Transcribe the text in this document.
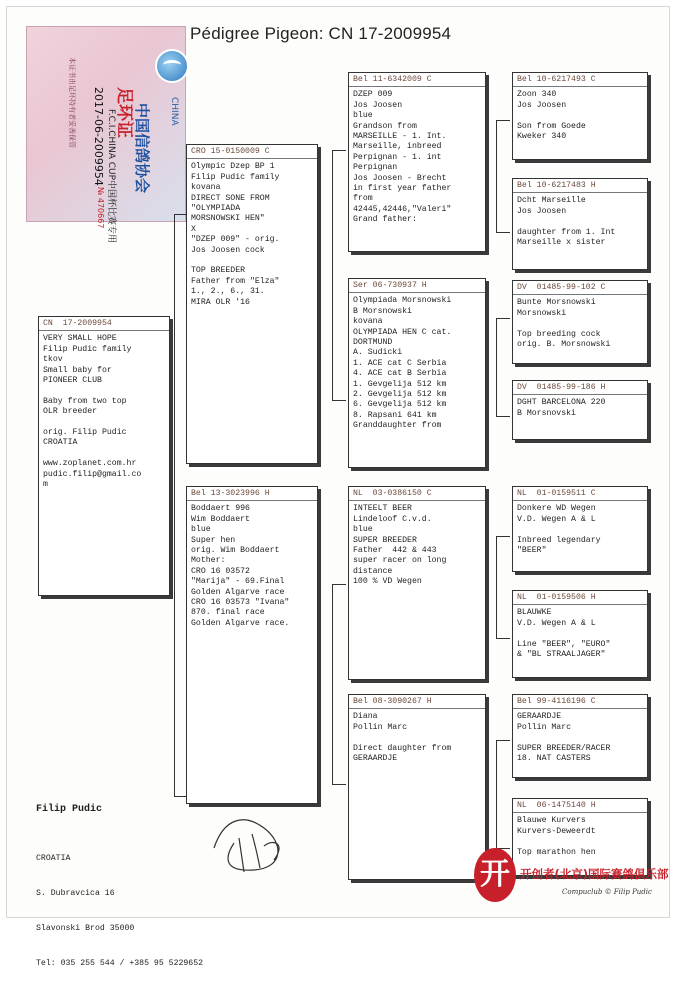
Pédigree Pigeon: CN 17-2009954
CHINA
中国信鸽协会
F.C.I.CHINA CUP中国杯比赛专用
足环证
2017-06-2009954
№ 470667
本证书由足环持有者妥善保管
CN  17-2009954
VERY SMALL HOPE
Filip Pudic family
tkov
Small baby for
PIONEER CLUB
Baby from two top
OLR breeder
orig. Filip Pudic
CROATIA
www.zoplanet.com.hr
pudic.filip@gmail.co
m
CRO 15-0150009 C
Olympic Dzep BP 1
Filip Pudic family
kovana
DIRECT SONE FROM
"OLYMPIADA
MORSNOWSKI HEN"
X
"DZEP 009" - orig.
Jos Joosen cock
TOP BREEDER
Father from "Elza"
1., 2., 6., 31.
MIRA OLR '16
Bel 13-3023996 H
Boddaert 996
Wim Boddaert
blue
Super hen
orig. Wim Boddaert
Mother:
CRO 16 03572
"Marija" - 69.Final
Golden Algarve race
CRO 16 03573 "Ivana"
870. final race
Golden Algarve race.
Bel 11-6342009 C
DZEP 009
Jos Joosen
blue
Grandson from
MARSEILLE - 1. Int.
Marseille, inbreed
Perpignan - 1. int
Perpignan
Jos Joosen - Brecht
in first year father
from
42445,42446,"Valeri"
Grand father:
Ser 06-730937 H
Olympiada Morsnowski
B Morsnowski
kovana
OLYMPIADA HEN C cat.
DORTMUND
A. Sudicki
1. ACE cat C Serbia
4. ACE cat B Serbia
1. Gevgelija 512 km
2. Gevgelija 512 km
6. Gevgelija 512 km
8. Rapsani 641 km
Granddaughter from
NL  03-0386150 C
INTEELT BEER
Lindeloof C.v.d.
blue
SUPER BREEDER
Father  442 & 443
super racer on long
distance
100 % VD Wegen
Bel 08-3090267 H
Diana
Pollin Marc
Direct daughter from
GERAARDJE
Bel 10-6217493 C
Zoon 340
Jos Joosen
Son from Goede
Kweker 340
Bel 10-6217483 H
Dcht Marseille
Jos Joosen
daughter from 1. Int
Marseille x sister
DV  01485-99-102 C
Bunte Morsnowski
Morsnowski
Top breeding cock
orig. B. Morsnowski
DV  01485-99-186 H
DGHT BARCELONA 220
B Morsnovski
NL  01-0159511 C
Donkere WD Wegen
V.D. Wegen A & L
Inbreed legendary
"BEER"
NL  01-0159506 H
BLAUWKE
V.D. Wegen A & L
Line "BEER", "EURO"
& "BL STRAALJAGER"
Bel 99-4116196 C
GERAARDJE
Pollin Marc
SUPER BREEDER/RACER
18. NAT CASTERS
NL  06-1475140 H
Blauwe Kurvers
Kurvers-Deweerdt
Top marathon hen
Filip Pudic

CROATIA

S. Dubravcica 16

Slavonski Brod 35000

Tel: 035 255 544 / +385 95 5229652

开 开创者(北京)国际赛鸽俱乐部
Compuclub © Filip Pudic
